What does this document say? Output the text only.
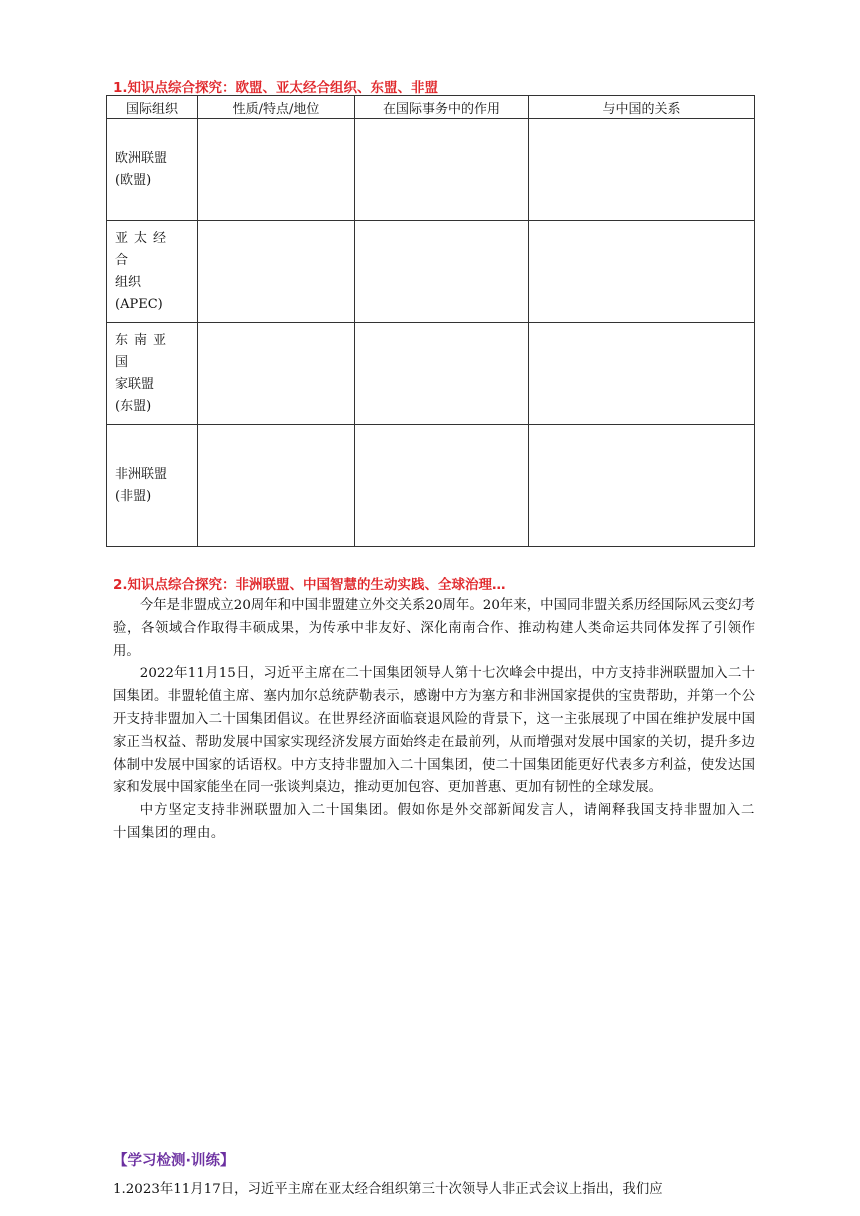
1.知识点综合探究：欧盟、亚太经合组织、东盟、非盟
国际组织	性质/特点/地位	在国际事务中的作用	与中国的关系

欧洲联盟
(欧盟)			

亚太经合
组织
(APEC)			

东南亚国
家联盟
(东盟)			

非洲联盟
(非盟)			

2.知识点综合探究：非洲联盟、中国智慧的生动实践、全球治理…

今年是非盟成立20周年和中国非盟建立外交关系20周年。20年来，中国同非盟关系历经国际风云变幻考验，各领域合作取得丰硕成果，为传承中非友好、深化南南合作、推动构建人类命运共同体发挥了引领作用。

2022年11月15日，习近平主席在二十国集团领导人第十七次峰会中提出，中方支持非洲联盟加入二十国集团。非盟轮值主席、塞内加尔总统萨勒表示，感谢中方为塞方和非洲国家提供的宝贵帮助，并第一个公开支持非盟加入二十国集团倡议。在世界经济面临衰退风险的背景下，这一主张展现了中国在维护发展中国家正当权益、帮助发展中国家实现经济发展方面始终走在最前列，从而增强对发展中国家的关切，提升多边体制中发展中国家的话语权。中方支持非盟加入二十国集团，使二十国集团能更好代表多方利益，使发达国家和发展中国家能坐在同一张谈判桌边，推动更加包容、更加普惠、更加有韧性的全球发展。

中方坚定支持非洲联盟加入二十国集团。假如你是外交部新闻发言人，请阐释我国支持非盟加入二十国集团的理由。

【学习检测·训练】
1.2023年11月17日，习近平主席在亚太经合组织第三十次领导人非正式会议上指出，我们应
